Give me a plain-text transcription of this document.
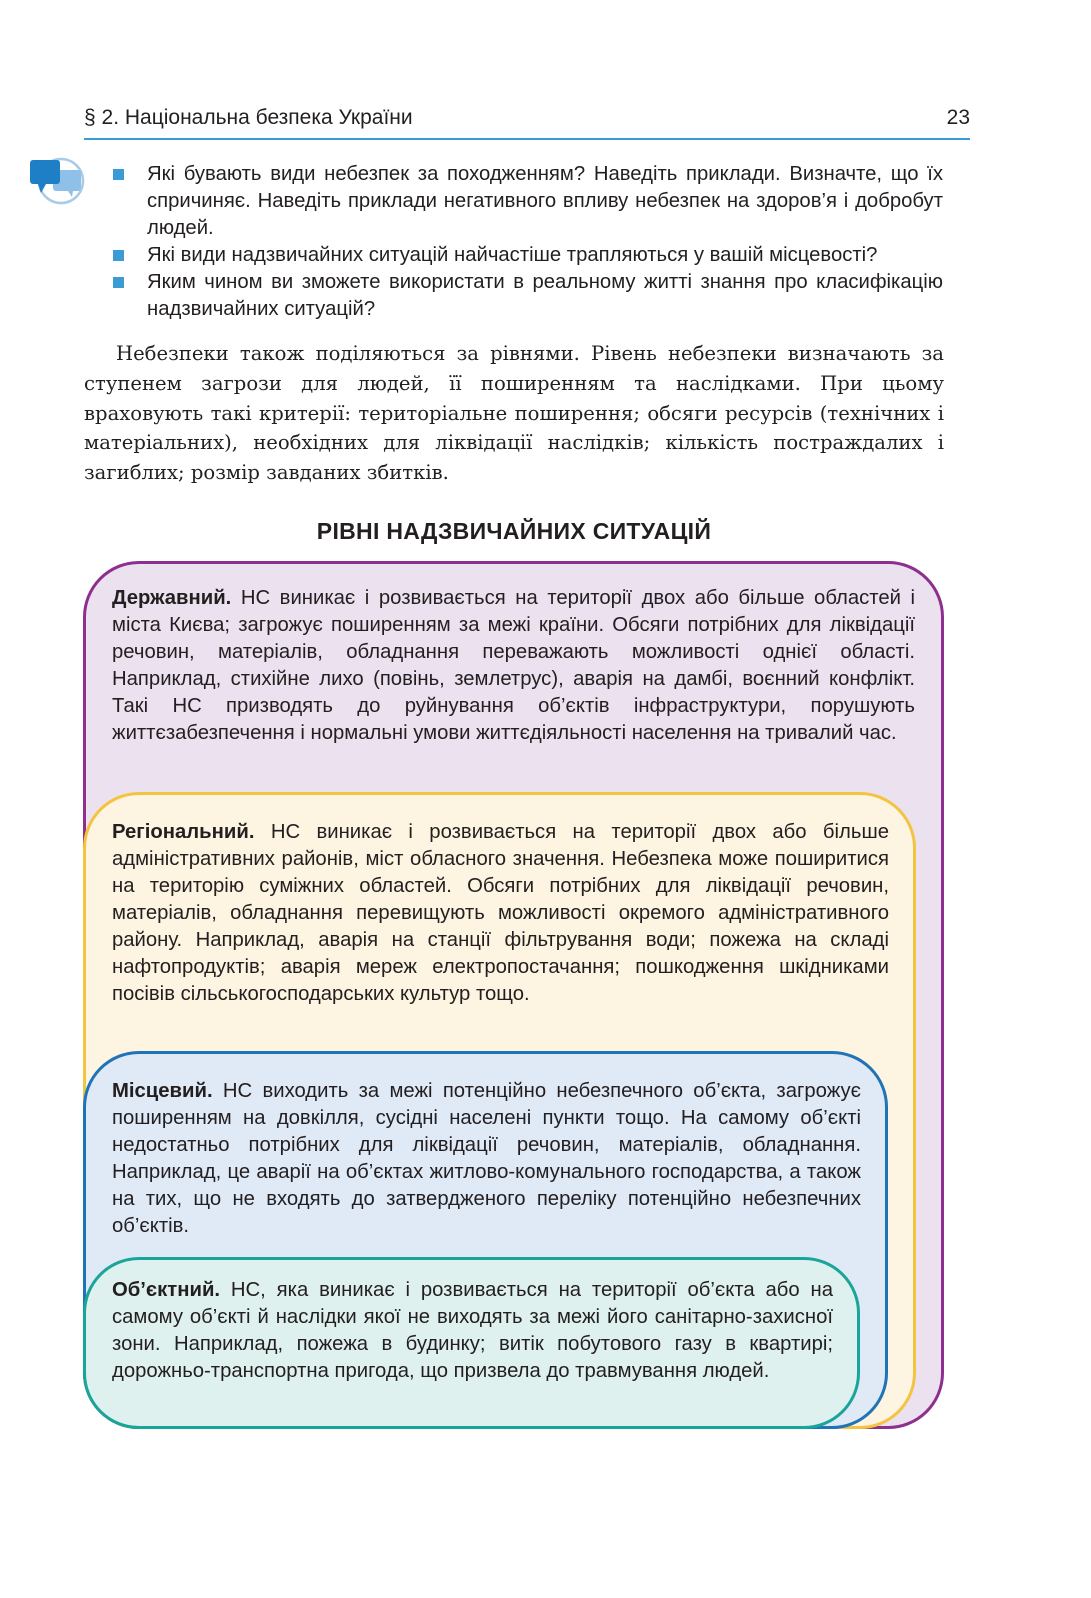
§ 2. Національна безпека України	23
Які бувають види небезпек за походженням? Наведіть приклади. Визначте, що їх спричиняє. Наведіть приклади негативного впливу небезпек на здоров’я і добробут людей.
Які види надзвичайних ситуацій найчастіше трапляються у вашій місцевості?
Яким чином ви зможете використати в реальному житті знання про класифікацію надзвичайних ситуацій?

Небезпеки також поділяються за рівнями. Рівень небезпеки визначають за ступенем загрози для людей, її поширенням та наслідками. При цьому враховують такі критерії: територіальне поширення; обсяги ресурсів (технічних і матеріальних), необхідних для ліквідації наслідків; кількість постраждалих і загиблих; розмір завданих збитків.

РІВНІ НАДЗВИЧАЙНИХ СИТУАЦІЙ

Державний. НС виникає і розвивається на території двох або більше областей і міста Києва; загрожує поширенням за межі країни. Обсяги потрібних для ліквідації речовин, матеріалів, обладнання переважають можливості однієї області. Наприклад, стихійне лихо (повінь, землетрус), аварія на дамбі, воєнний конфлікт. Такі НС призводять до руйнування об’єктів інфраструктури, порушують життєзабезпечення і нормальні умови життєдіяльності населення на тривалий час.

Регіональний. НС виникає і розвивається на території двох або більше адміністративних районів, міст обласного значення. Небезпека може поширитися на територію суміжних областей. Обсяги потрібних для ліквідації речовин, матеріалів, обладнання перевищують можливості окремого адміністративного району. Наприклад, аварія на станції фільтрування води; пожежа на складі нафтопродуктів; аварія мереж електропостачання; пошкодження шкідниками посівів сільськогосподарських культур тощо.

Місцевий. НС виходить за межі потенційно небезпечного об’єкта, загрожує поширенням на довкілля, сусідні населені пункти тощо. На самому об’єкті недостатньо потрібних для ліквідації речовин, матеріалів, обладнання. Наприклад, це аварії на об’єктах житлово-комунального господарства, а також на тих, що не входять до затвердженого переліку потенційно небезпечних об’єктів.

Об’єктний. НС, яка виникає і розвивається на території об’єкта або на самому об’єкті й наслідки якої не виходять за межі його санітарно-захисної зони. Наприклад, пожежа в будинку; витік побутового газу в квартирі; дорожньо-транспортна пригода, що призвела до травмування людей.
